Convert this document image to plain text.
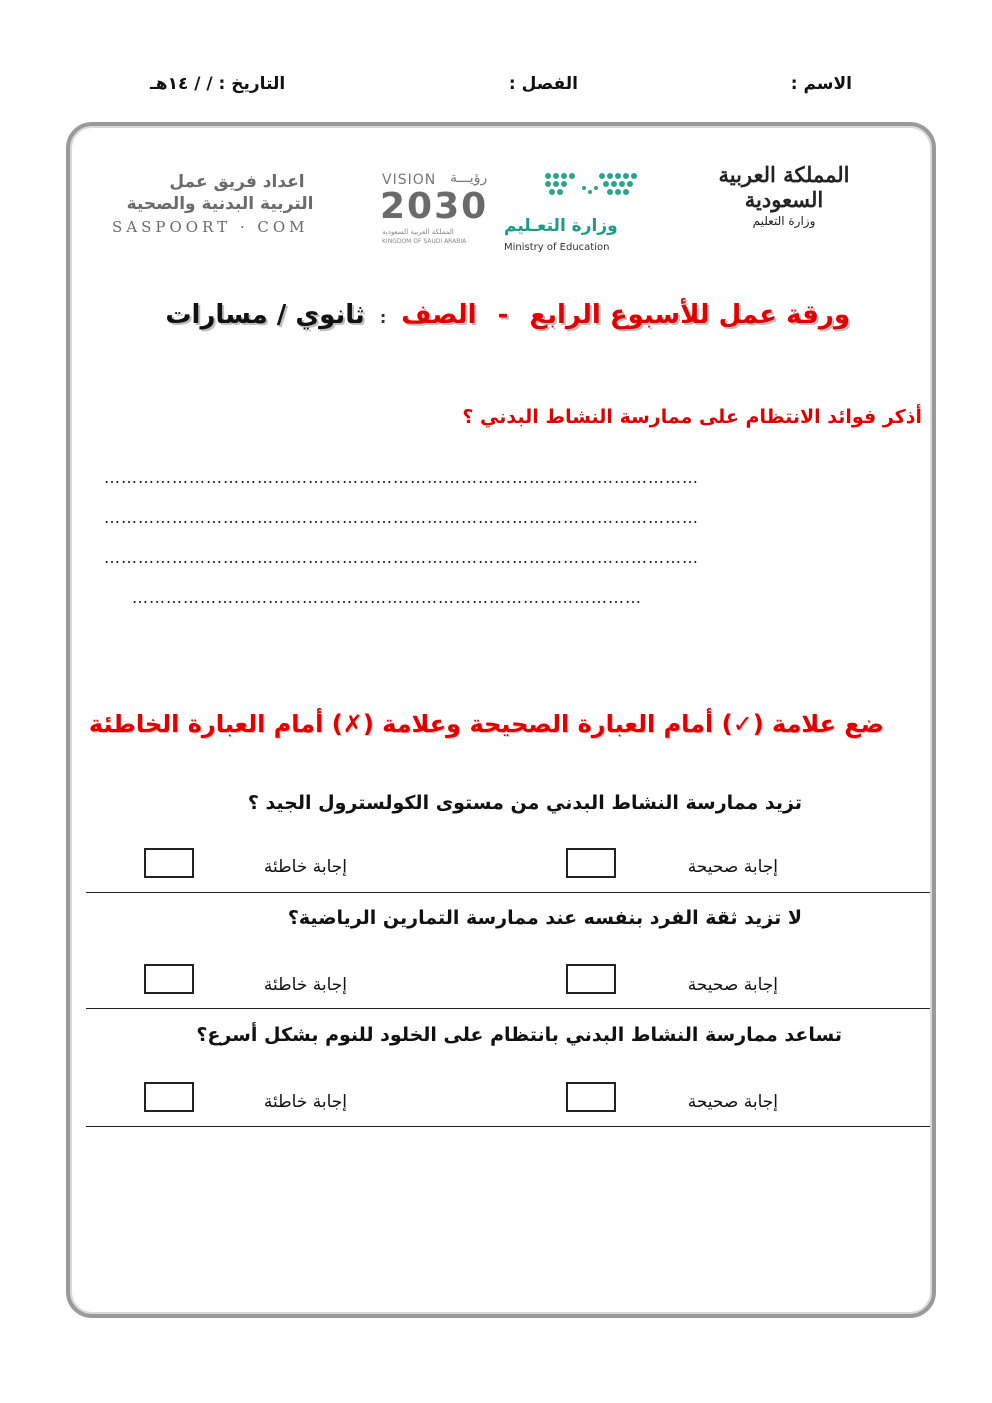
الاسم :
الفصل :
التاريخ : / / ١٤هـ
المملكة العربية السعودية
وزارة التعليم
وزارة التعـليم
Ministry of Education
VISION رؤيـــة
2030
المملكة العربية السعودية
KINGDOM OF SAUDI ARABIA
اعداد فريق عمل
التربية البدنية والصحية
SASPOORT · COM
ورقة عمل للأسبوع الرابع - الصف : ثانوي / مسارات
أذكر فوائد الانتظام على ممارسة النشاط البدني ؟
……………………………………………………………………………………………
……………………………………………………………………………………………
……………………………………………………………………………………………
………………………………………………………………………………
ضع علامة (✓) أمام العبارة الصحيحة وعلامة (✗) أمام العبارة الخاطئة
تزيد ممارسة النشاط البدني من مستوى الكولسترول الجيد ؟
إجابة صحيحة
إجابة خاطئة
لا تزيد ثقة الفرد بنفسه عند ممارسة التمارين الرياضية؟
إجابة صحيحة
إجابة خاطئة
تساعد ممارسة النشاط البدني بانتظام على الخلود للنوم بشكل أسرع؟
إجابة صحيحة
إجابة خاطئة
